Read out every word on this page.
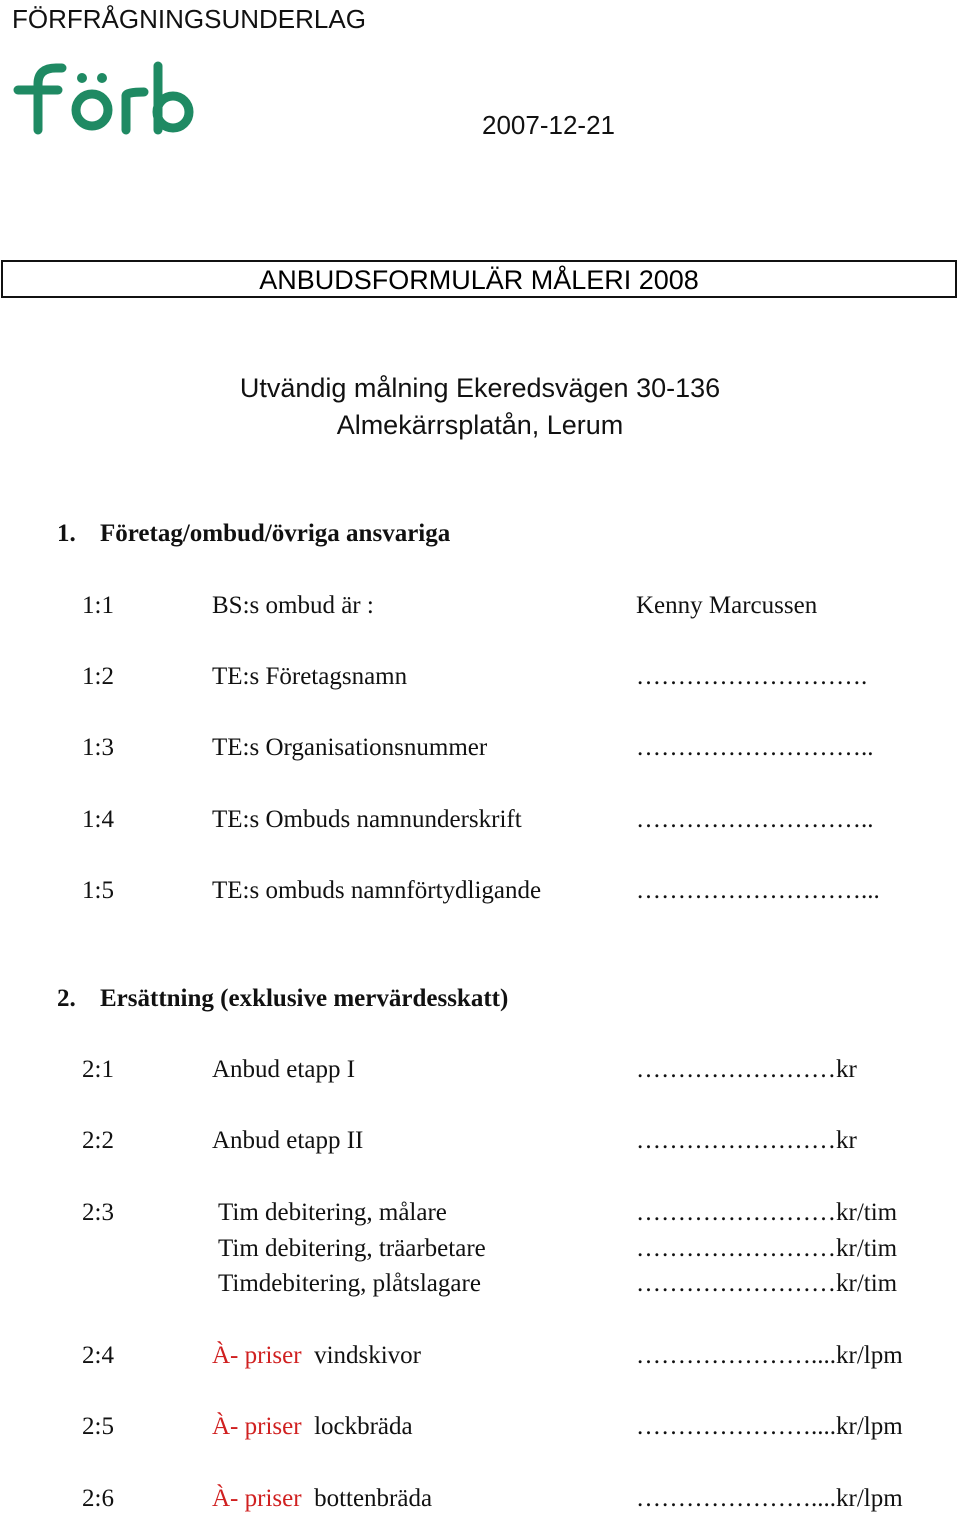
FÖRFRÅGNINGSUNDERLAG
2007-12-21
ANBUDSFORMULÄR MÅLERI 2008
Utvändig målning Ekeredsvägen 30-136
Almekärrsplatån, Lerum
1. Företag/ombud/övriga ansvariga
1:1	BS:s ombud är :	Kenny Marcussen
1:2	TE:s Företagsnamn	……………………….
1:3	TE:s Organisationsnummer	………………………..
1:4	TE:s Ombuds namnunderskrift	………………………..
1:5	TE:s ombuds namnförtydligande	………………………...
2. Ersättning (exklusive mervärdesskatt)
2:1	Anbud etapp I	……………………kr
2:2	Anbud etapp II	……………………kr
2:3	Tim debitering, målare	……………………kr/tim
Tim debitering, träarbetare	……………………kr/tim
Timdebitering, plåtslagare	……………………kr/tim
2:4	À- priser vindskivor	…………………....kr/lpm
2:5	À- priser lockbräda	…………………....kr/lpm
2:6	À- priser bottenbräda	…………………....kr/lpm
